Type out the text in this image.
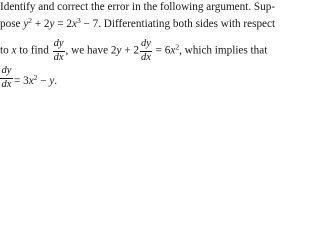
Identify and correct the error in the following argument. Sup-
pose $y^2 + 2y = 2x^3 - 7$. Differentiating both sides with respect
to x to find $\frac{dy}{dx}$ , we have $2y + 2 \frac{dy}{dx} = 6x^2$, which implies that
$\frac{dy}{dx} = 3x^2 - y$.
